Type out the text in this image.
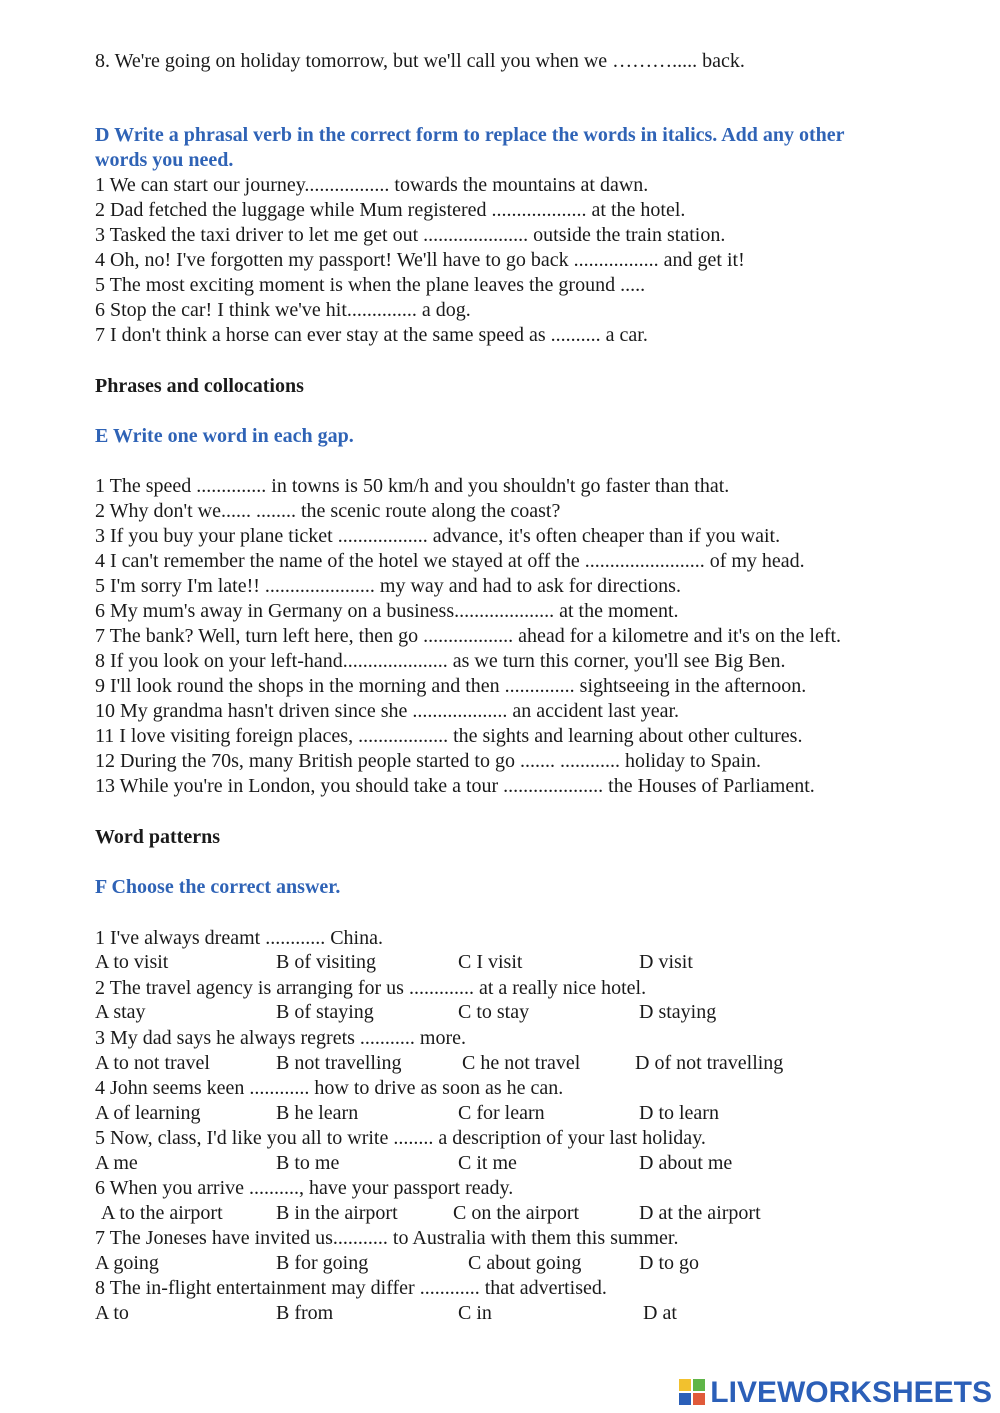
8. We're going on holiday tomorrow, but we'll call you when we ………..... back.
D Write a phrasal verb in the correct form to replace the words in italics. Add any other
words you need.
1 We can start our journey................. towards the mountains at dawn.
2 Dad fetched the luggage while Mum registered ................... at the hotel.
3 Tasked the taxi driver to let me get out ..................... outside the train station.
4 Oh, no! I've forgotten my passport! We'll have to go back ................. and get it!
5 The most exciting moment is when the plane leaves the ground .....
6 Stop the car! I think we've hit.............. a dog.
7 I don't think a horse can ever stay at the same speed as .......... a car.
Phrases and collocations
E Write one word in each gap.
1 The speed .............. in towns is 50 km/h and you shouldn't go faster than that.
2 Why don't we...... ........ the scenic route along the coast?
3 If you buy your plane ticket .................. advance, it's often cheaper than if you wait.
4 I can't remember the name of the hotel we stayed at off the ........................ of my head.
5 I'm sorry I'm late!! ...................... my way and had to ask for directions.
6 My mum's away in Germany on a business.................... at the moment.
7 The bank? Well, turn left here, then go .................. ahead for a kilometre and it's on the left.
8 If you look on your left-hand..................... as we turn this corner, you'll see Big Ben.
9 I'll look round the shops in the morning and then .............. sightseeing in the afternoon.
10 My grandma hasn't driven since she ................... an accident last year.
11 I love visiting foreign places, .................. the sights and learning about other cultures.
12 During the 70s, many British people started to go ....... ............ holiday to Spain.
13 While you're in London, you should take a tour .................... the Houses of Parliament.
Word patterns
F Choose the correct answer.
1 I've always dreamt ............ China.
A to visit	B of visiting	C I visit	D visit
2 The travel agency is arranging for us ............. at a really nice hotel.
A stay	B of staying	C to stay	D staying
3 My dad says he always regrets ........... more.
A to not travel	B not travelling	C he not travel	D of not travelling
4 John seems keen ............ how to drive as soon as he can.
A of learning	B he learn	C for learn	D to learn
5 Now, class, I'd like you all to write ........ a description of your last holiday.
A me	B to me	C it me	D about me
6 When you arrive .........., have your passport ready.
A to the airport	B in the airport	C on the airport	D at the airport
7 The Joneses have invited us........... to Australia with them this summer.
A going	B for going	C about going	D to go
8 The in-flight entertainment may differ ............ that advertised.
A to	B from	C in	D at
LIVEWORKSHEETS
